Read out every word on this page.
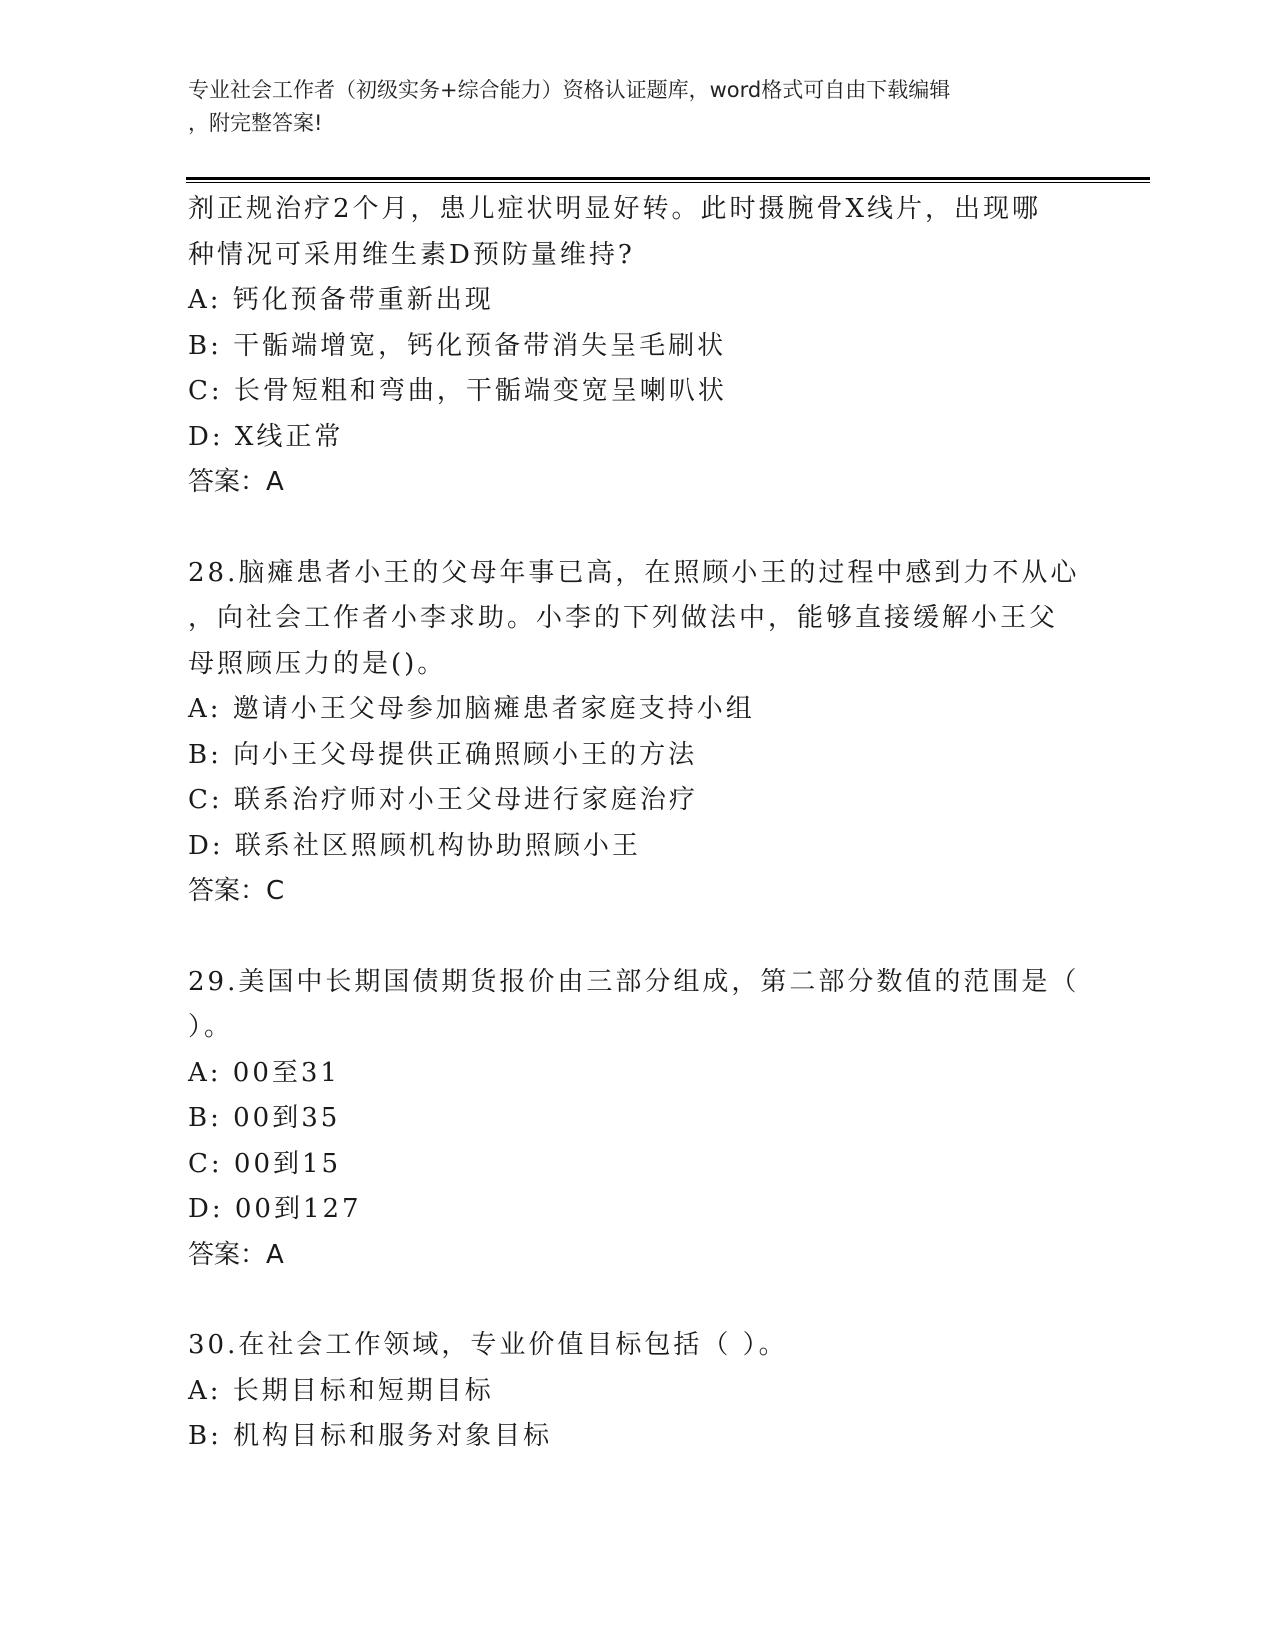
专业社会工作者（初级实务+综合能力）资格认证题库，word格式可自由下载编辑
，附完整答案!
剂正规治疗2个月，患儿症状明显好转。此时摄腕骨X线片，出现哪
种情况可采用维生素D预防量维持?
A: 钙化预备带重新出现
B: 干骺端增宽，钙化预备带消失呈毛刷状
C: 长骨短粗和弯曲，干骺端变宽呈喇叭状
D: X线正常
答案：A
28.脑瘫患者小王的父母年事已高，在照顾小王的过程中感到力不从心
，向社会工作者小李求助。小李的下列做法中，能够直接缓解小王父
母照顾压力的是()。
A: 邀请小王父母参加脑瘫患者家庭支持小组
B: 向小王父母提供正确照顾小王的方法
C: 联系治疗师对小王父母进行家庭治疗
D: 联系社区照顾机构协助照顾小王
答案：C
29.美国中长期国债期货报价由三部分组成，第二部分数值的范围是（
）。
A: 00至31
B: 00到35
C: 00到15
D: 00到127
答案：A
30.在社会工作领域，专业价值目标包括（ ）。
A: 长期目标和短期目标
B: 机构目标和服务对象目标
